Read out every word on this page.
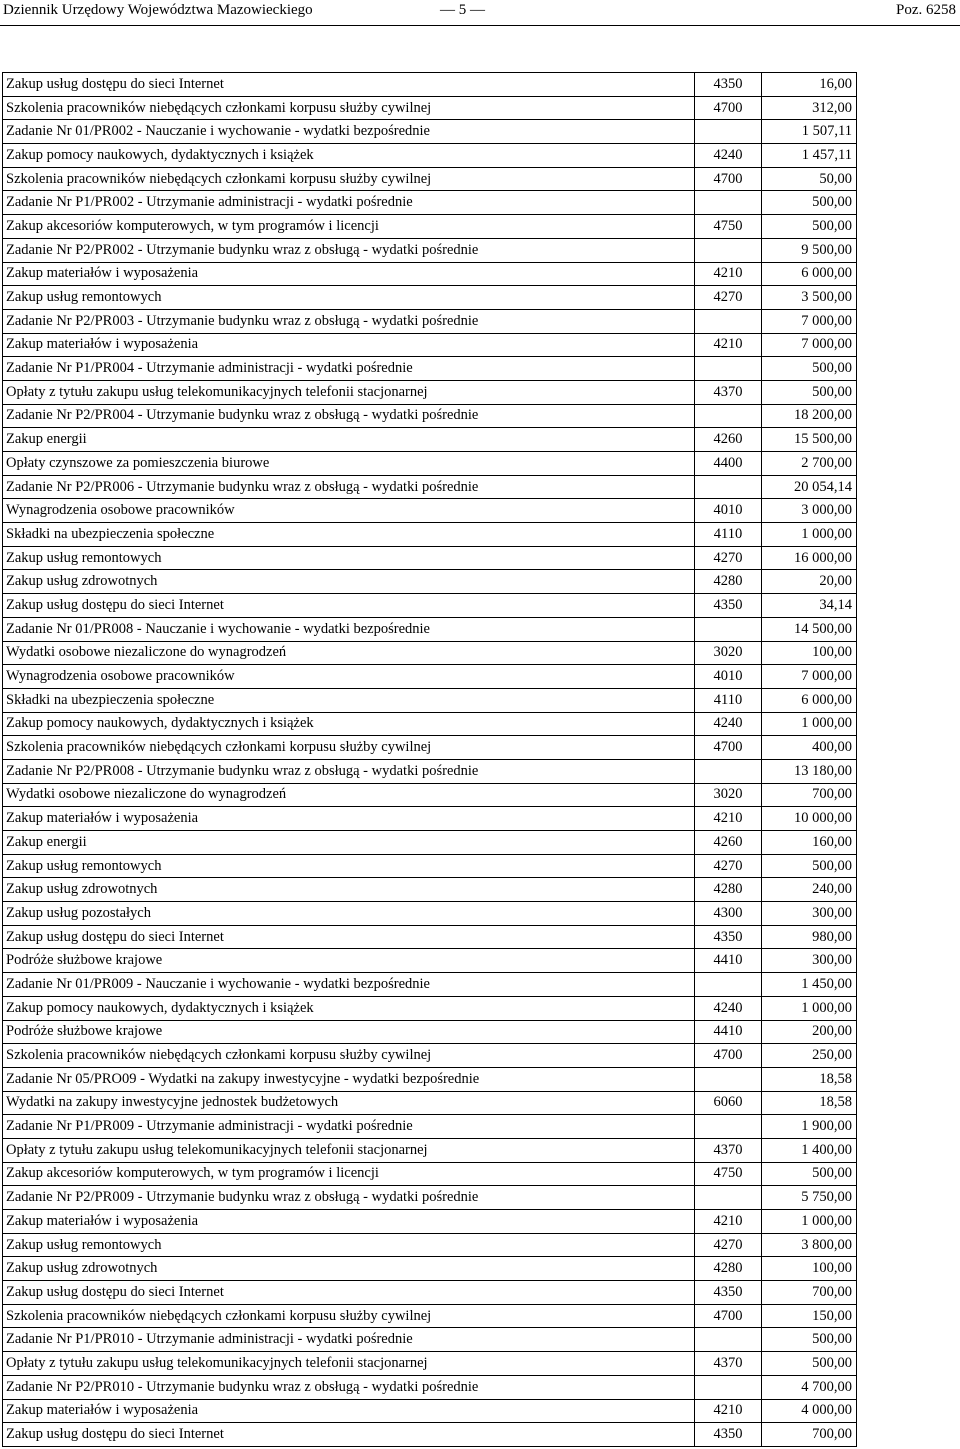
Dziennik Urzędowy Województwa Mazowieckiego	— 5 —	Poz. 6258
Zakup usług dostępu do sieci Internet	4350	16,00
Szkolenia pracowników niebędących członkami korpusu służby cywilnej	4700	312,00
Zadanie Nr 01/PR002 - Nauczanie i wychowanie - wydatki bezpośrednie		1 507,11
Zakup pomocy naukowych, dydaktycznych i książek	4240	1 457,11
Szkolenia pracowników niebędących członkami korpusu służby cywilnej	4700	50,00
Zadanie Nr P1/PR002 - Utrzymanie administracji - wydatki pośrednie		500,00
Zakup akcesoriów komputerowych, w tym programów i licencji	4750	500,00
Zadanie Nr P2/PR002 - Utrzymanie budynku wraz z obsługą - wydatki pośrednie		9 500,00
Zakup materiałów i wyposażenia	4210	6 000,00
Zakup usług remontowych	4270	3 500,00
Zadanie Nr P2/PR003 - Utrzymanie budynku wraz z obsługą - wydatki pośrednie		7 000,00
Zakup materiałów i wyposażenia	4210	7 000,00
Zadanie Nr P1/PR004 - Utrzymanie administracji - wydatki pośrednie		500,00
Opłaty z tytułu zakupu usług telekomunikacyjnych telefonii stacjonarnej	4370	500,00
Zadanie Nr P2/PR004 - Utrzymanie budynku wraz z obsługą - wydatki pośrednie		18 200,00
Zakup energii	4260	15 500,00
Opłaty czynszowe za pomieszczenia biurowe	4400	2 700,00
Zadanie Nr P2/PR006 - Utrzymanie budynku wraz z obsługą - wydatki pośrednie		20 054,14
Wynagrodzenia osobowe pracowników	4010	3 000,00
Składki na ubezpieczenia społeczne	4110	1 000,00
Zakup usług remontowych	4270	16 000,00
Zakup usług zdrowotnych	4280	20,00
Zakup usług dostępu do sieci Internet	4350	34,14
Zadanie Nr 01/PR008 - Nauczanie i wychowanie - wydatki bezpośrednie		14 500,00
Wydatki osobowe niezaliczone do wynagrodzeń	3020	100,00
Wynagrodzenia osobowe pracowników	4010	7 000,00
Składki na ubezpieczenia społeczne	4110	6 000,00
Zakup pomocy naukowych, dydaktycznych i książek	4240	1 000,00
Szkolenia pracowników niebędących członkami korpusu służby cywilnej	4700	400,00
Zadanie Nr P2/PR008 - Utrzymanie budynku wraz z obsługą - wydatki pośrednie		13 180,00
Wydatki osobowe niezaliczone do wynagrodzeń	3020	700,00
Zakup materiałów i wyposażenia	4210	10 000,00
Zakup energii	4260	160,00
Zakup usług remontowych	4270	500,00
Zakup usług zdrowotnych	4280	240,00
Zakup usług pozostałych	4300	300,00
Zakup usług dostępu do sieci Internet	4350	980,00
Podróże służbowe krajowe	4410	300,00
Zadanie Nr 01/PR009 - Nauczanie i wychowanie - wydatki bezpośrednie		1 450,00
Zakup pomocy naukowych, dydaktycznych i książek	4240	1 000,00
Podróże służbowe krajowe	4410	200,00
Szkolenia pracowników niebędących członkami korpusu służby cywilnej	4700	250,00
Zadanie Nr 05/PRO09 - Wydatki na zakupy inwestycyjne - wydatki bezpośrednie		18,58
Wydatki na zakupy inwestycyjne jednostek budżetowych	6060	18,58
Zadanie Nr P1/PR009 - Utrzymanie administracji - wydatki pośrednie		1 900,00
Opłaty z tytułu zakupu usług telekomunikacyjnych telefonii stacjonarnej	4370	1 400,00
Zakup akcesoriów komputerowych, w tym programów i licencji	4750	500,00
Zadanie Nr P2/PR009 - Utrzymanie budynku wraz z obsługą - wydatki pośrednie		5 750,00
Zakup materiałów i wyposażenia	4210	1 000,00
Zakup usług remontowych	4270	3 800,00
Zakup usług zdrowotnych	4280	100,00
Zakup usług dostępu do sieci Internet	4350	700,00
Szkolenia pracowników niebędących członkami korpusu służby cywilnej	4700	150,00
Zadanie Nr P1/PR010 - Utrzymanie administracji - wydatki pośrednie		500,00
Opłaty z tytułu zakupu usług telekomunikacyjnych telefonii stacjonarnej	4370	500,00
Zadanie Nr P2/PR010 - Utrzymanie budynku wraz z obsługą - wydatki pośrednie		4 700,00
Zakup materiałów i wyposażenia	4210	4 000,00
Zakup usług dostępu do sieci Internet	4350	700,00
